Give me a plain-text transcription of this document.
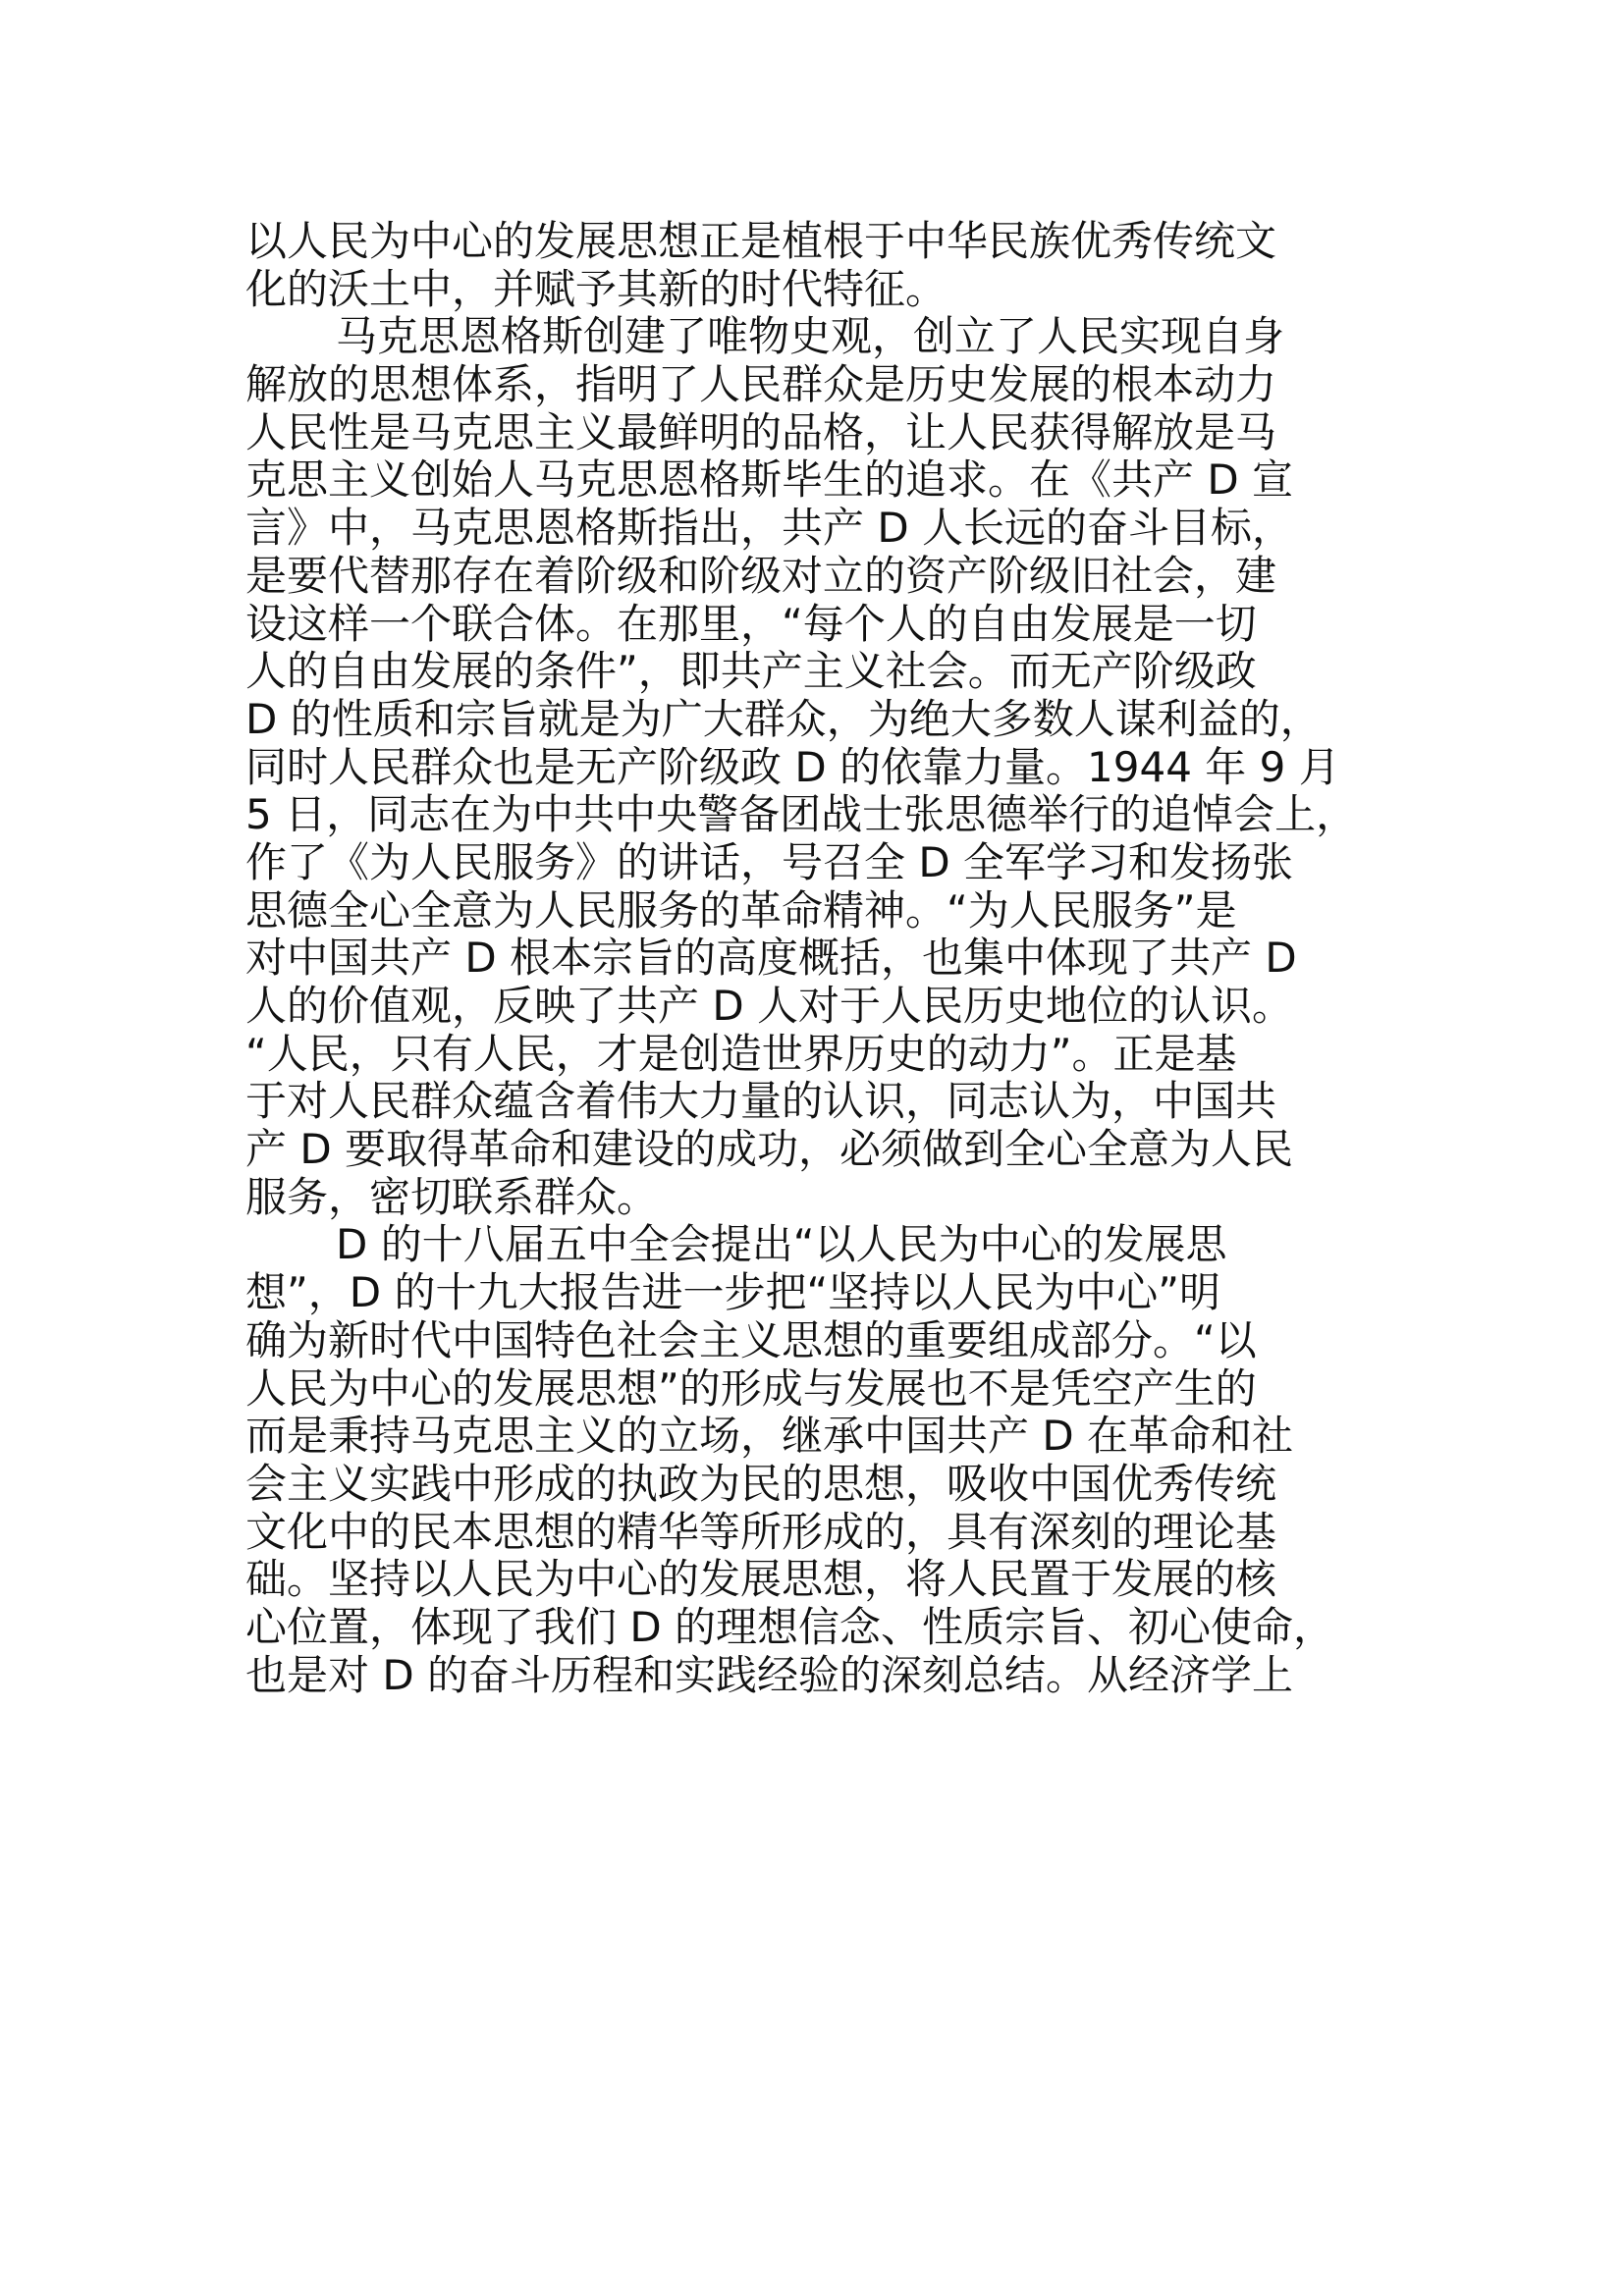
以人民为中心的发展思想正是植根于中华民族优秀传统文
化的沃土中，并赋予其新的时代特征。
马克思恩格斯创建了唯物史观，创立了人民实现自身
解放的思想体系，指明了人民群众是历史发展的根本动力
人民性是马克思主义最鲜明的品格，让人民获得解放是马
克思主义创始人马克思恩格斯毕生的追求。在《共产 D 宣
言》中，马克思恩格斯指出，共产 D 人长远的奋斗目标，
是要代替那存在着阶级和阶级对立的资产阶级旧社会，建
设这样一个联合体。在那里，“每个人的自由发展是一切
人的自由发展的条件”，即共产主义社会。而无产阶级政
D 的性质和宗旨就是为广大群众，为绝大多数人谋利益的，
同时人民群众也是无产阶级政 D 的依靠力量。1944 年 9 月
5 日，同志在为中共中央警备团战士张思德举行的追悼会上，
作了《为人民服务》的讲话，号召全 D 全军学习和发扬张
思德全心全意为人民服务的革命精神。“为人民服务”是
对中国共产 D 根本宗旨的高度概括，也集中体现了共产 D
人的价值观，反映了共产 D 人对于人民历史地位的认识。
“人民，只有人民，才是创造世界历史的动力”。正是基
于对人民群众蕴含着伟大力量的认识，同志认为，中国共
产 D 要取得革命和建设的成功，必须做到全心全意为人民
服务，密切联系群众。
D 的十八届五中全会提出“以人民为中心的发展思
想”，D 的十九大报告进一步把“坚持以人民为中心”明
确为新时代中国特色社会主义思想的重要组成部分。“以
人民为中心的发展思想”的形成与发展也不是凭空产生的
而是秉持马克思主义的立场，继承中国共产 D 在革命和社
会主义实践中形成的执政为民的思想，吸收中国优秀传统
文化中的民本思想的精华等所形成的，具有深刻的理论基
础。坚持以人民为中心的发展思想，将人民置于发展的核
心位置，体现了我们 D 的理想信念、性质宗旨、初心使命，
也是对 D 的奋斗历程和实践经验的深刻总结。从经济学上
